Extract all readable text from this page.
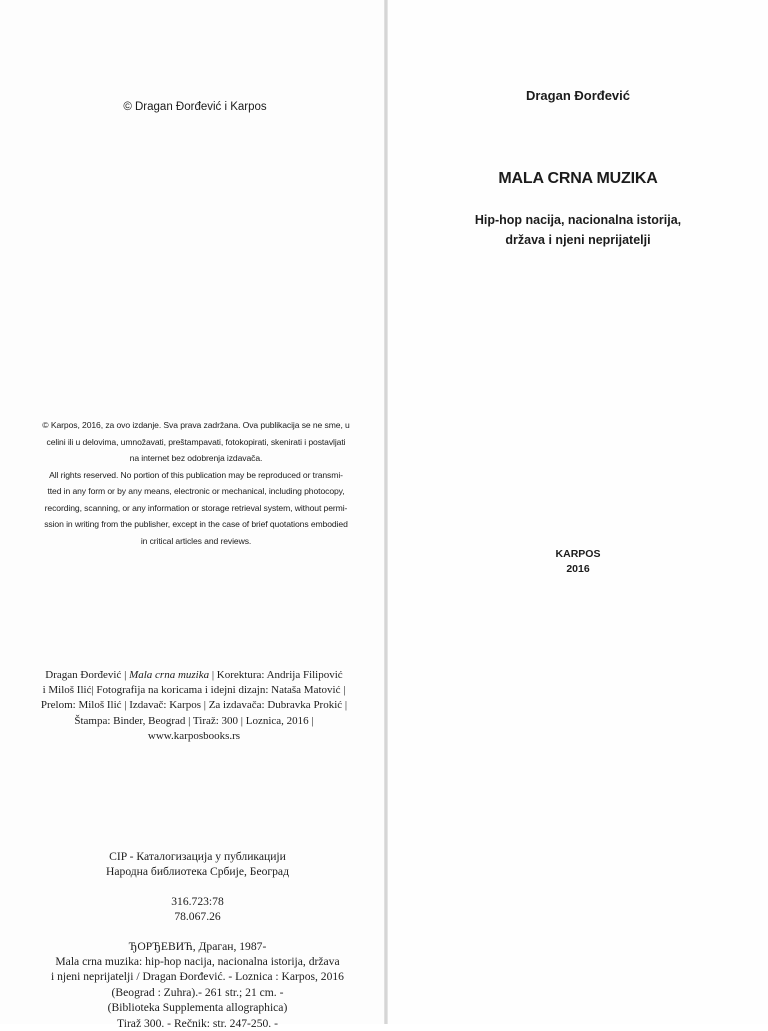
© Dragan Đorđević i Karpos

© Karpos, 2016, za ovo izdanje. Sva prava zadržana. Ova publikacija se ne sme, u
celini ili u delovima, umnožavati, preštampavati, fotokopirati, skenirati i postavljati
na internet bez odobrenja izdavača.

All rights reserved. No portion of this publication may be reproduced or transmi-
tted in any form or by any means, electronic or mechanical, including photocopy,
recording, scanning, or any information or storage retrieval system, without permi-
ssion in writing from the publisher, except in the case of brief quotations embodied
in critical articles and reviews.

Dragan Đorđević | Mala crna muzika | Korektura: Andrija Filipović
i Miloš Ilić| Fotografija na koricama i idejni dizajn: Nataša Matović |
Prelom: Miloš Ilić | Izdavač: Karpos | Za izdavača: Dubravka Prokić |
Štampa: Binder, Beograd | Tiraž: 300 | Loznica, 2016 |
www.karposbooks.rs
CIP - Каталогизација у публикацији
Народна библиотека Србије, Београд
316.723:78
78.067.26
ЂОРЂЕВИЋ, Драган, 1987-
Mala crna muzika: hip-hop nacija, nacionalna istorija, država
i njeni neprijatelji / Dragan Đorđević. - Loznica : Karpos, 2016
(Beograd : Zuhra).- 261 str.; 21 cm. -
(Biblioteka Supplementa allographica)
Tiraž 300. - Rečnik: str. 247-250. -
Dragan Đorđević
MALA CRNA MUZIKA
Hip-hop nacija, nacionalna istorija,
država i njeni neprijatelji
KARPOS
2016
